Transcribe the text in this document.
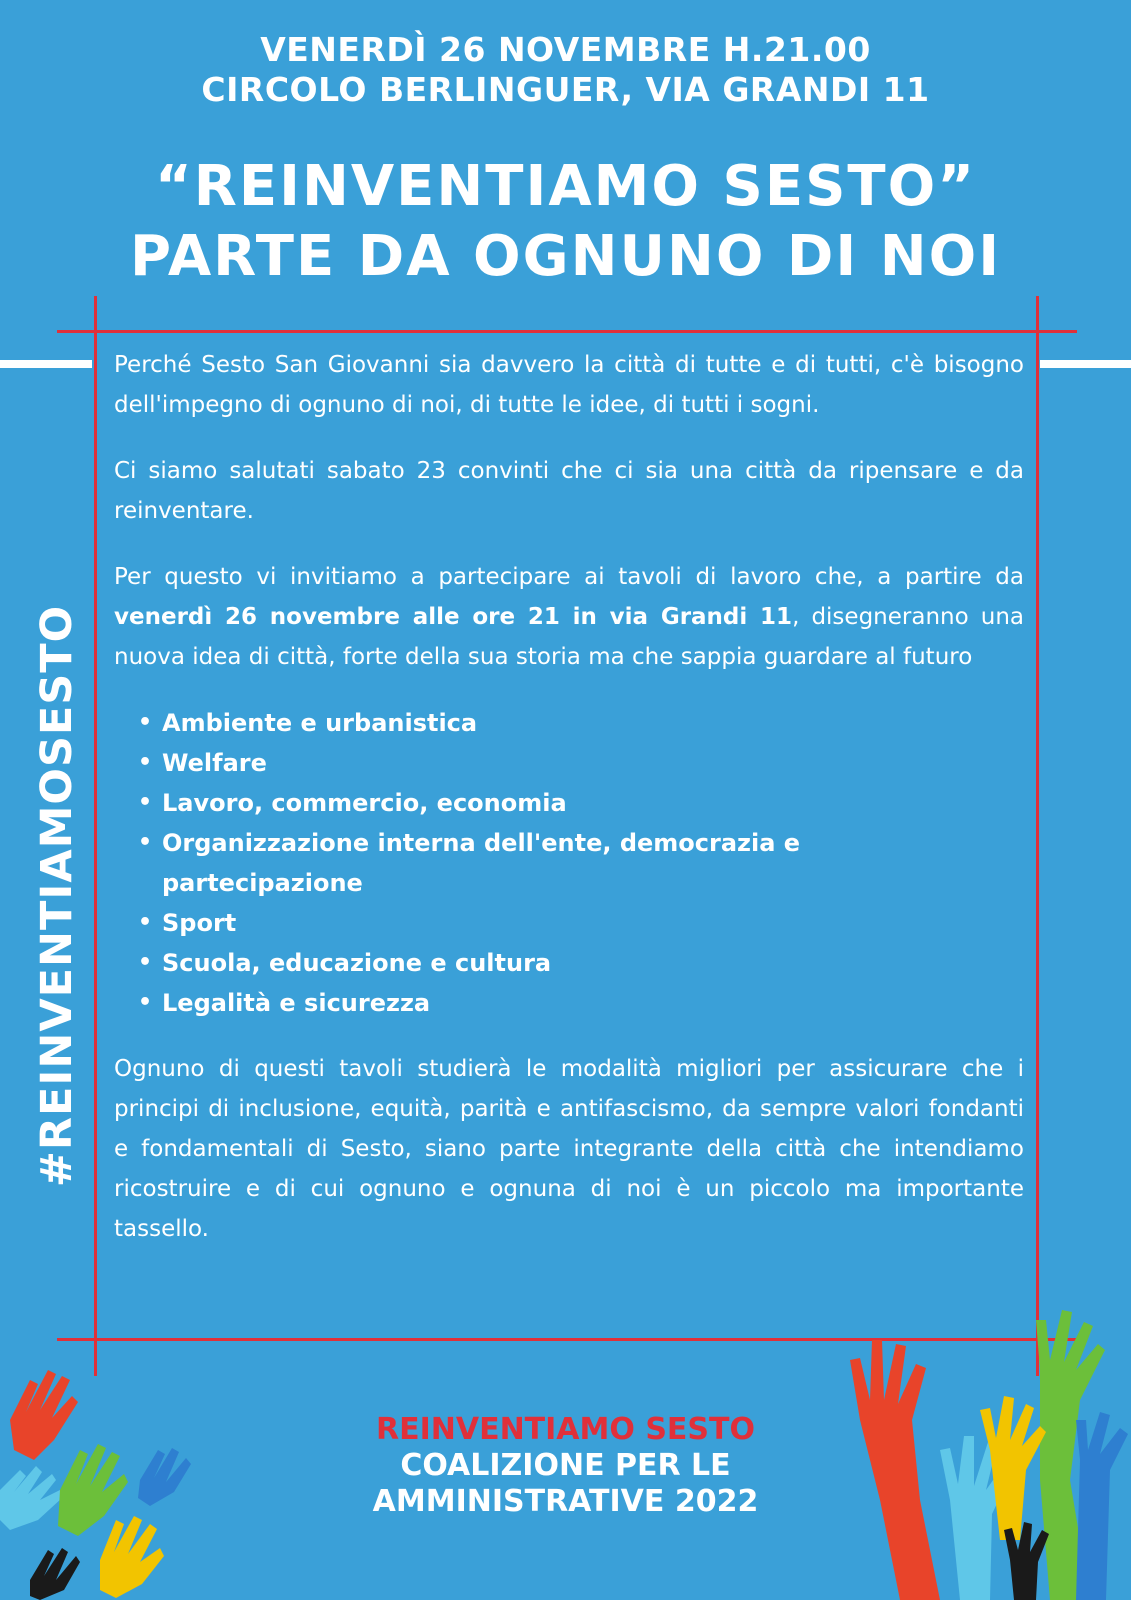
VENERDÌ 26 NOVEMBRE H.21.00
CIRCOLO BERLINGUER, VIA GRANDI 11
“REINVENTIAMO SESTO”
PARTE DA OGNUNO DI NOI
#REINVENTIAMOSESTO

Perché Sesto San Giovanni sia davvero la città di tutte e di tutti, c'è bisogno dell'impegno di ognuno di noi, di tutte le idee, di tutti i sogni.

Ci siamo salutati sabato 23 convinti che ci sia una città da ripensare e da reinventare.

Per questo vi invitiamo a partecipare ai tavoli di lavoro che, a partire da venerdì 26 novembre alle ore 21 in via Grandi 11, disegneranno una nuova idea di città, forte della sua storia ma che sappia guardare al futuro

• Ambiente e urbanistica
• Welfare
• Lavoro, commercio, economia
• Organizzazione interna dell'ente, democrazia e partecipazione
• Sport
• Scuola, educazione e cultura
• Legalità e sicurezza

Ognuno di questi tavoli studierà le modalità migliori per assicurare che i principi di inclusione, equità, parità e antifascismo, da sempre valori fondanti e fondamentali di Sesto, siano parte integrante della città che intendiamo ricostruire e di cui ognuno e ognuna di noi è un piccolo ma importante tassello.

REINVENTIAMO SESTO
COALIZIONE PER LE
AMMINISTRATIVE 2022
